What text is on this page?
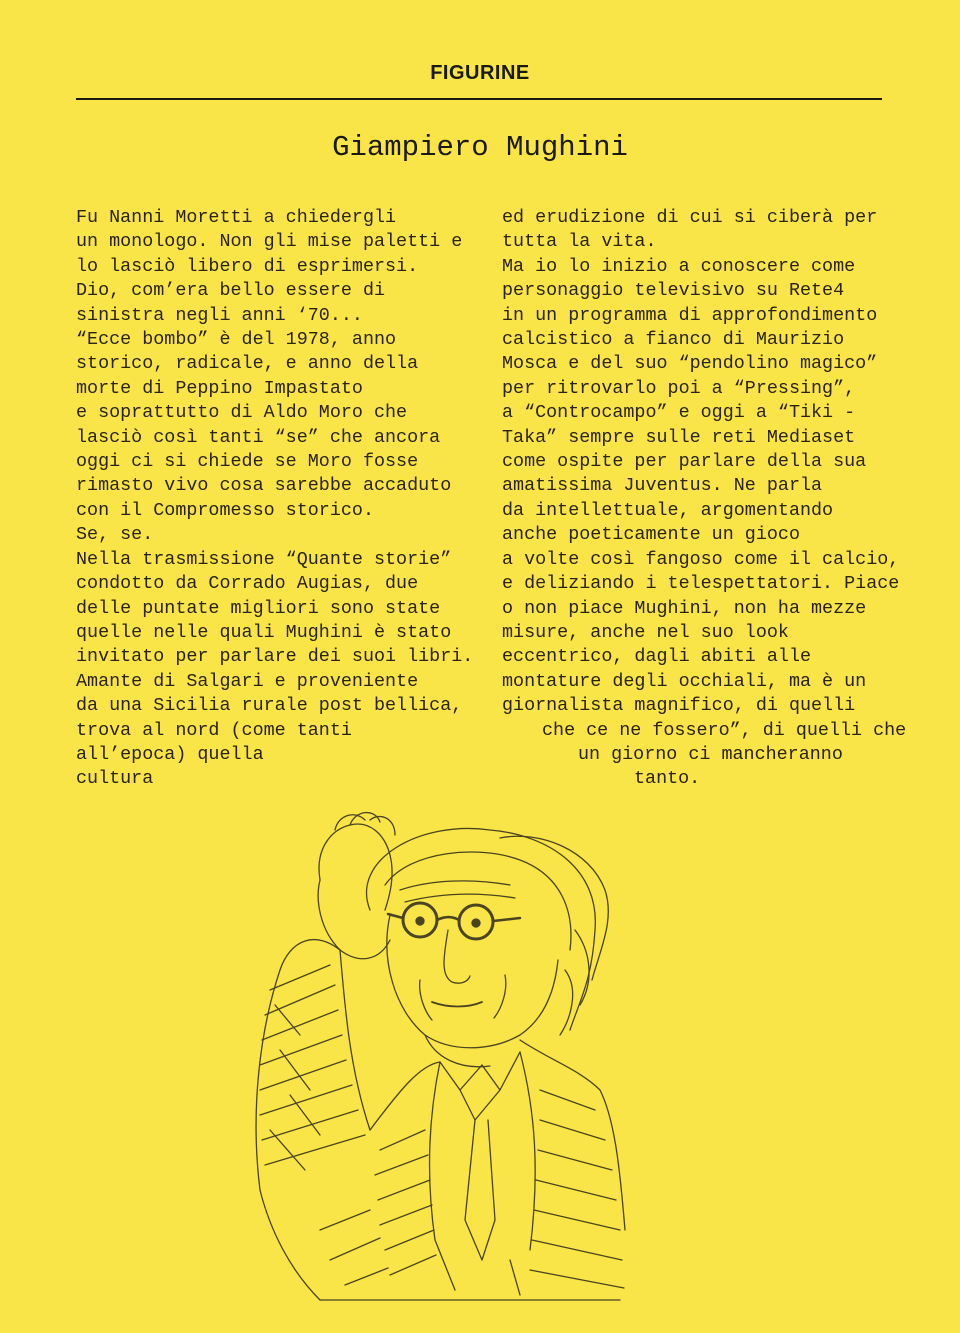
FIGURINE
Giampiero Mughini
Fu Nanni Moretti a chiedergli
un monologo. Non gli mise paletti e
lo lasciò libero di esprimersi.
Dio, com’era bello essere di
sinistra negli anni ‘70...
“Ecce bombo” è del 1978, anno
storico, radicale, e anno della
morte di Peppino Impastato
e soprattutto di Aldo Moro che
lasciò così tanti “se” che ancora
oggi ci si chiede se Moro fosse
rimasto vivo cosa sarebbe accaduto
con il Compromesso storico.
Se, se.
Nella trasmissione “Quante storie”
condotto da Corrado Augias, due
delle puntate migliori sono state
quelle nelle quali Mughini è stato
invitato per parlare dei suoi libri.
Amante di Salgari e proveniente
da una Sicilia rurale post bellica,
trova al nord (come tanti
all’epoca) quella
cultura
ed erudizione di cui si ciberà per
tutta la vita.
Ma io lo inizio a conoscere come
personaggio televisivo su Rete4
in un programma di approfondimento
calcistico a fianco di Maurizio
Mosca e del suo “pendolino magico”
per ritrovarlo poi a “Pressing”,
a “Controcampo” e oggi a “Tiki -
Taka” sempre sulle reti Mediaset
come ospite per parlare della sua
amatissima Juventus. Ne parla
da intellettuale, argomentando
anche poeticamente un gioco
a volte così fangoso come il calcio,
e deliziando i telespettatori. Piace
o non piace Mughini, non ha mezze
misure, anche nel suo look
eccentrico, dagli abiti alle
montature degli occhiali, ma è un
giornalista magnifico, di quelli
che ce ne fossero”, di quelli che
un giorno ci mancheranno
tanto.
